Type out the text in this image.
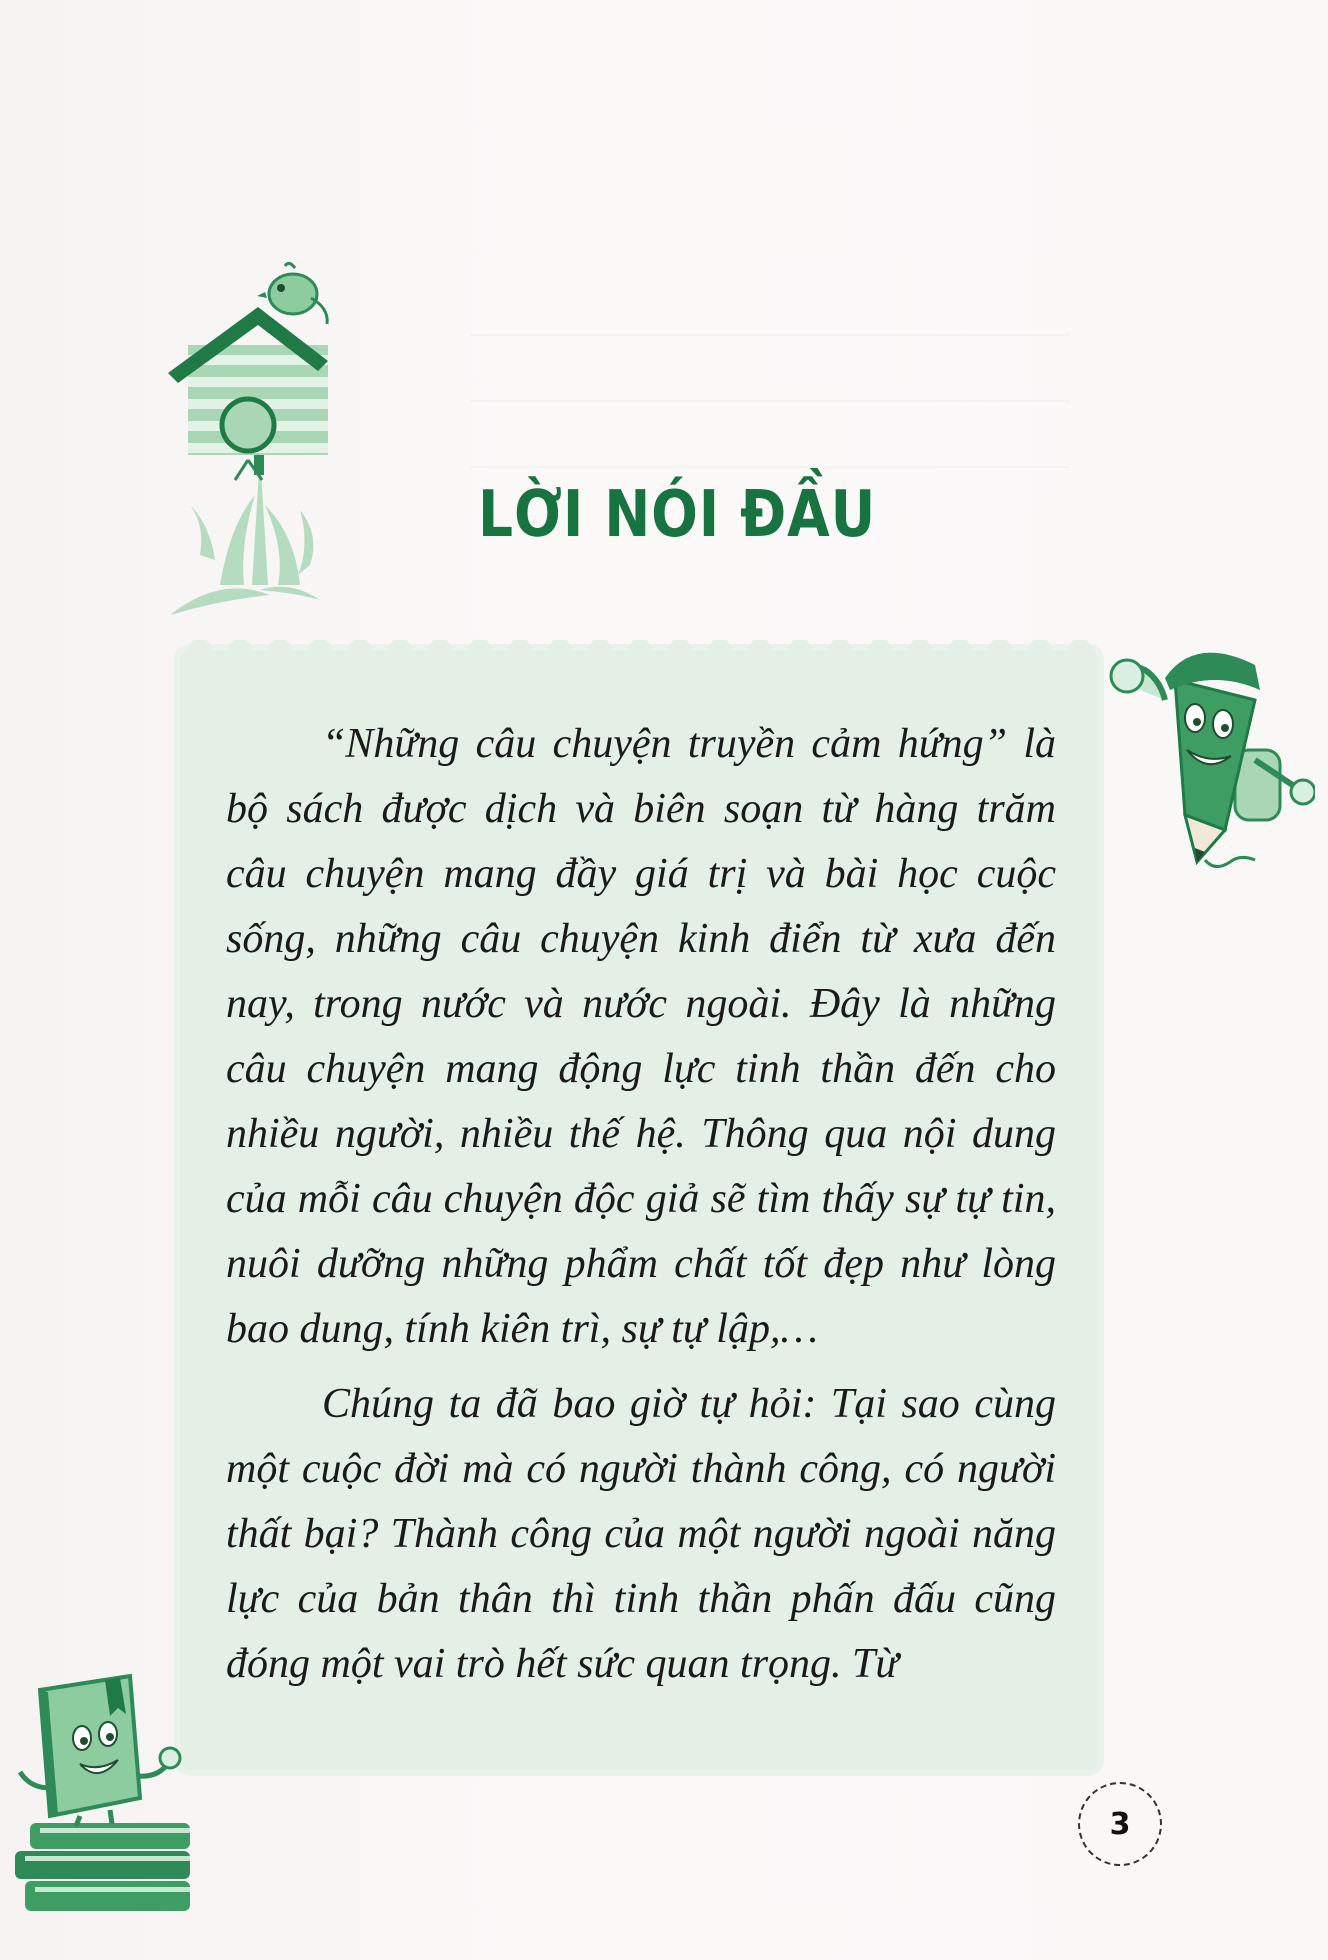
LỜI NÓI ĐẦU

“Những câu chuyện truyền cảm hứng” là bộ sách được dịch và biên soạn từ hàng trăm câu chuyện mang đầy giá trị và bài học cuộc sống, những câu chuyện kinh điển từ xưa đến nay, trong nước và nước ngoài. Đây là những câu chuyện mang động lực tinh thần đến cho nhiều người, nhiều thế hệ. Thông qua nội dung của mỗi câu chuyện độc giả sẽ tìm thấy sự tự tin, nuôi dưỡng những phẩm chất tốt đẹp như lòng bao dung, tính kiên trì, sự tự lập,…

Chúng ta đã bao giờ tự hỏi: Tại sao cùng một cuộc đời mà có người thành công, có người thất bại? Thành công của một người ngoài năng lực của bản thân thì tinh thần phấn đấu cũng đóng một vai trò hết sức quan trọng. Từ

3
